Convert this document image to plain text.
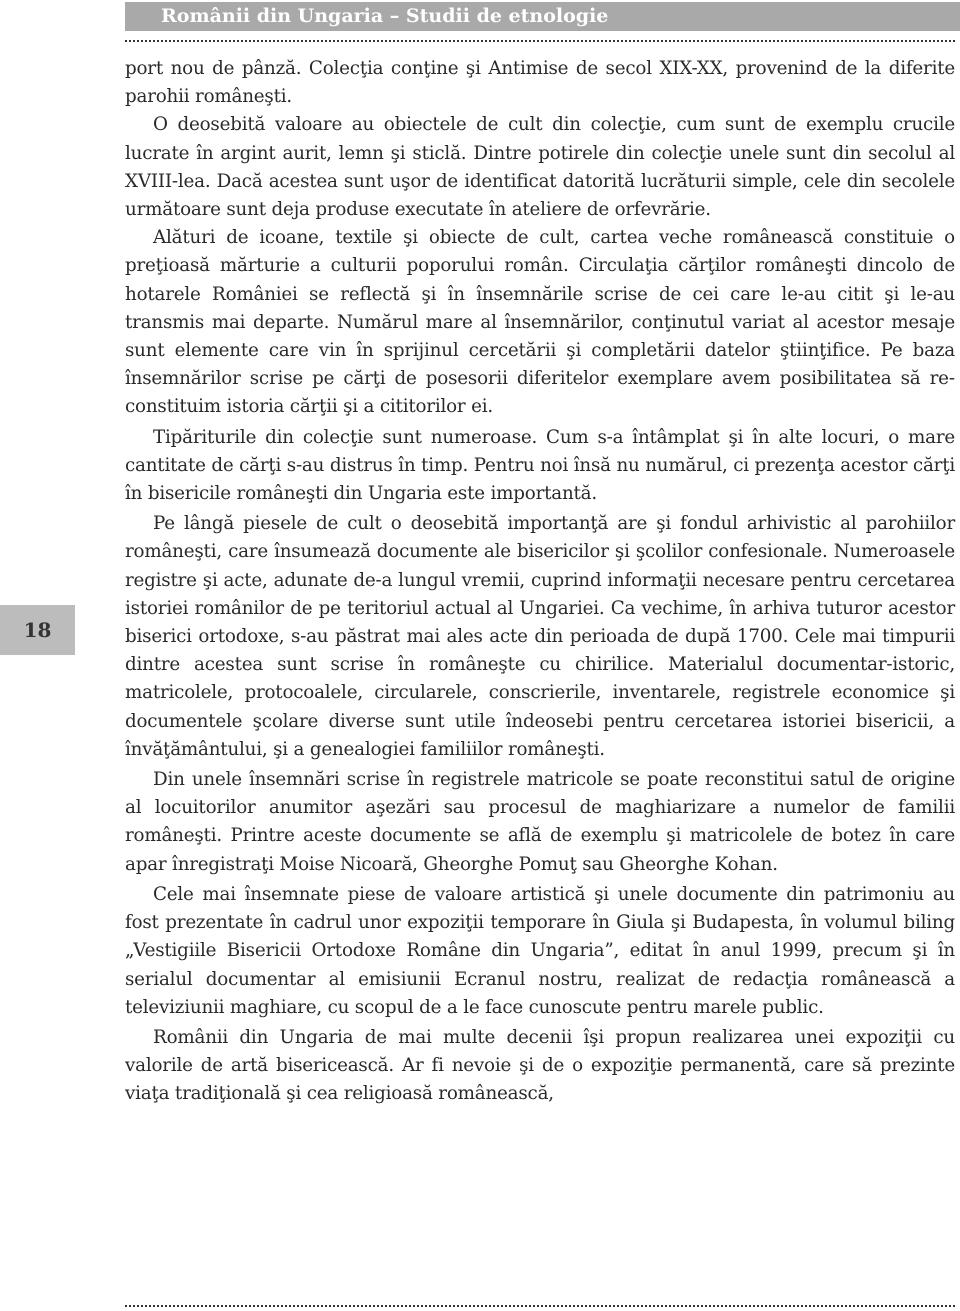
Românii din Ungaria – Studii de etnologie
18

port nou de pânză. Colecţia conţine şi Antimise de secol XIX-XX, provenind de la diferite parohii româneşti.

O deosebită valoare au obiectele de cult din colecţie, cum sunt de exemplu crucile lucrate în argint aurit, lemn şi sticlă. Dintre potirele din colecţie unele sunt din secolul al XVIII-lea. Dacă acestea sunt uşor de identificat datorită lucrăturii simple, cele din secolele următoare sunt deja produse executate în ateliere de orfevrărie.

Alături de icoane, textile şi obiecte de cult, cartea veche românească constituie o preţioasă mărturie a culturii poporului român. Circulaţia cărţilor româneşti dincolo de hotarele României se reflectă şi în însemnările scrise de cei care le-au citit şi le-au transmis mai departe. Numărul mare al însemnărilor, conţinutul variat al acestor mesaje sunt elemente care vin în sprijinul cercetării şi completării datelor ştiinţifice. Pe baza însemnărilor scrise pe cărţi de posesorii diferitelor exemplare avem posibilitatea să reconstituim istoria cărţii şi a cititorilor ei.

Tipăriturile din colecţie sunt numeroase. Cum s-a întâmplat şi în alte locuri, o mare cantitate de cărţi s-au distrus în timp. Pentru noi însă nu numărul, ci prezenţa acestor cărţi în bisericile româneşti din Ungaria este importantă.

Pe lângă piesele de cult o deosebită importanţă are şi fondul arhivistic al parohiilor româneşti, care însumează documente ale bisericilor şi şcolilor confesionale. Numeroasele registre şi acte, adunate de-a lungul vremii, cuprind informaţii necesare pentru cercetarea istoriei românilor de pe teritoriul actual al Ungariei. Ca vechime, în arhiva tuturor acestor biserici ortodoxe, s-au păstrat mai ales acte din perioada de după 1700. Cele mai timpurii dintre acestea sunt scrise în româneşte cu chirilice. Materialul documentar-istoric, matricolele, protocoalele, circularele, conscrierile, inventarele, registrele economice şi documentele şcolare diverse sunt utile îndeosebi pentru cercetarea istoriei bisericii, a învăţământului, şi a genealogiei familiilor româneşti.

Din unele însemnări scrise în registrele matricole se poate reconstitui satul de origine al locuitorilor anumitor aşezări sau procesul de maghiarizare a numelor de familii româneşti. Printre aceste documente se află de exemplu şi matricolele de botez în care apar înregistraţi Moise Nicoară, Gheorghe Pomuţ sau Gheorghe Kohan.

Cele mai însemnate piese de valoare artistică şi unele documente din patrimoniu au fost prezentate în cadrul unor expoziţii temporare în Giula şi Budapesta, în volumul biling „Vestigiile Bisericii Ortodoxe Române din Ungaria”, editat în anul 1999, precum şi în serialul documentar al emisiunii Ecranul nostru, realizat de redacţia românească a televiziunii maghiare, cu scopul de a le face cunoscute pentru marele public.

Românii din Ungaria de mai multe decenii îşi propun realizarea unei expoziţii cu valorile de artă bisericească. Ar fi nevoie şi de o expoziţie permanentă, care să prezinte viaţa tradiţională şi cea religioasă românească,
